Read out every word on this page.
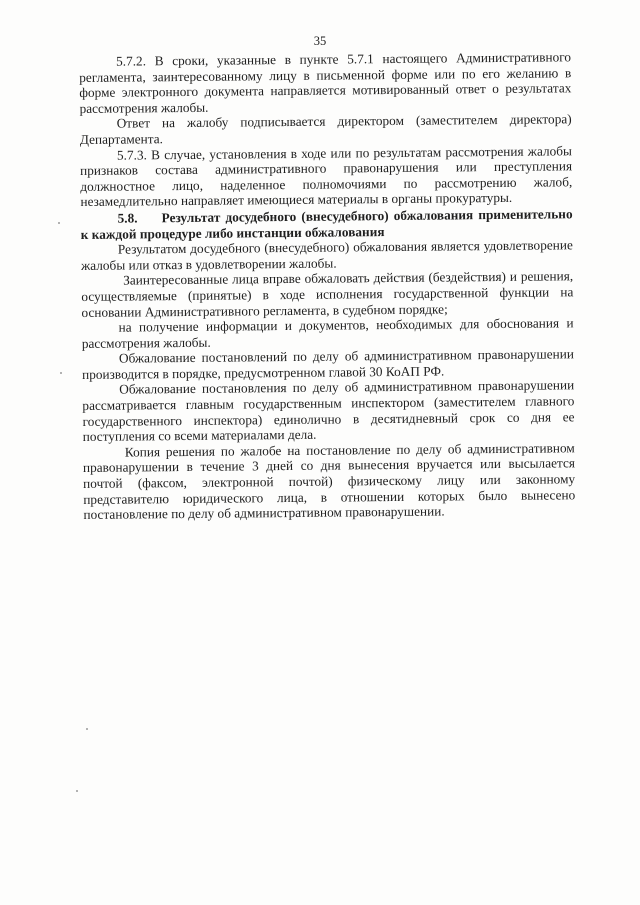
35

5.7.2. В сроки, указанные в пункте 5.7.1 настоящего Административного регламента, заинтересованному лицу в письменной форме или по его желанию в форме электронного документа направляется мотивированный ответ о результатах рассмотрения жалобы.

Ответ на жалобу подписывается директором (заместителем директора) Департамента.

5.7.3. В случае, установления в ходе или по результатам рассмотрения жалобы признаков состава административного правонарушения или преступления должностное лицо, наделенное полномочиями по рассмотрению жалоб, незамедлительно направляет имеющиеся материалы в органы прокуратуры.

5.8. Результат досудебного (внесудебного) обжалования применительно к каждой процедуре либо инстанции обжалования

Результатом досудебного (внесудебного) обжалования является удовлетворение жалобы или отказ в удовлетворении жалобы.

Заинтересованные лица вправе обжаловать действия (бездействия) и решения, осуществляемые (принятые) в ходе исполнения государственной функции на основании Административного регламента, в судебном порядке;

на получение информации и документов, необходимых для обоснования и рассмотрения жалобы.

Обжалование постановлений по делу об административном правонарушении производится в порядке, предусмотренном главой 30 КоАП РФ.

Обжалование постановления по делу об административном правонарушении рассматривается главным государственным инспектором (заместителем главного государственного инспектора) единолично в десятидневный срок со дня ее поступления со всеми материалами дела.

Копия решения по жалобе на постановление по делу об административном правонарушении в течение 3 дней со дня вынесения вручается или высылается почтой (факсом, электронной почтой) физическому лицу или законному представителю юридического лица, в отношении которых было вынесено постановление по делу об административном правонарушении.
